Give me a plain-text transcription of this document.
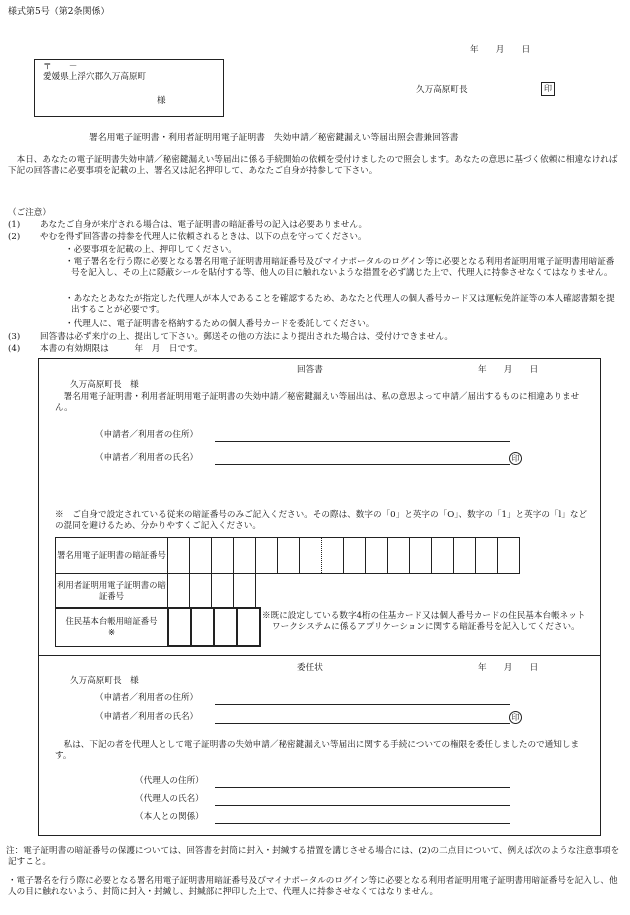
様式第5号（第2条関係）
年　　月　　日
〒　　－
愛媛県上浮穴郡久万高原町
様
久万高原町長	印
署名用電子証明書・利用者証明用電子証明書　失効申請／秘密鍵漏えい等届出照会書兼回答書
　本日、あなたの電子証明書失効申請／秘密鍵漏えい等届出に係る手続開始の依頼を受付けましたので照会します。あなたの意思に基づく依頼に相違なければ下記の回答書に必要事項を記載の上、署名又は記名押印して、あなたご自身が持参して下さい。
（ご注意）
(1) あなたご自身が来庁される場合は、電子証明書の暗証番号の記入は必要ありません。
(2) やむを得ず回答書の持参を代理人に依頼されるときは、以下の点を守ってください。
・必要事項を記載の上、押印してください。
・電子署名を行う際に必要となる署名用電子証明書用暗証番号及びマイナポータルのログイン等に必要となる利用者証明用電子証明書用暗証番号を記入し、その上に隠蔽シールを貼付する等、他人の目に触れないような措置を必ず講じた上で、代理人に持参させなくてはなりません。
・あなたとあなたが指定した代理人が本人であることを確認するため、あなたと代理人の個人番号カード又は運転免許証等の本人確認書類を提出することが必要です。
・代理人に、電子証明書を格納するための個人番号カードを委託してください。
(3) 回答書は必ず来庁の上、提出して下さい。郵送その他の方法により提出された場合は、受付けできません。
(4) 本書の有効期限は　　　年　月　日です。
回答書	年　　月　　日
久万高原町長　様
　署名用電子証明書・利用者証明用電子証明書の失効申請／秘密鍵漏えい等届出は、私の意思よって申請／届出するものに相違ありません。
（申請者／利用者の住所）
（申請者／利用者の氏名）	印
※　ご自身で設定されている従来の暗証番号のみご記入ください。その際は、数字の「0」と英字の「O」、数字の「1」と英字の「l」などの混同を避けるため、分かりやすくご記入ください。
署名用電子証明書の暗証番号																
利用者証明用電子証明書の暗証番号				
住民基本台帳用暗証番号
※				
※既に設定している数字4桁の住基カード又は個人番号カードの住民基本台帳ネットワークシステムに係るアプリケーションに関する暗証番号を記入してください。
委任状	年　　月　　日
久万高原町長　様
（申請者／利用者の住所）
（申請者／利用者の氏名）	印
　私は、下記の者を代理人として電子証明書の失効申請／秘密鍵漏えい等届出に関する手続についての権限を委任しましたので通知します。
（代理人の住所）
（代理人の氏名）
（本人との関係）
注：電子証明書の暗証番号の保護については、回答書を封筒に封入・封緘する措置を講じさせる場合には、(2)の二点目について、例えば次のような注意事項を記すこと。
・電子署名を行う際に必要となる署名用電子証明書用暗証番号及びマイナポータルのログイン等に必要となる利用者証明用電子証明書用暗証番号を記入し、他人の目に触れないよう、封筒に封入・封緘し、封緘部に押印した上で、代理人に持参させなくてはなりません。
